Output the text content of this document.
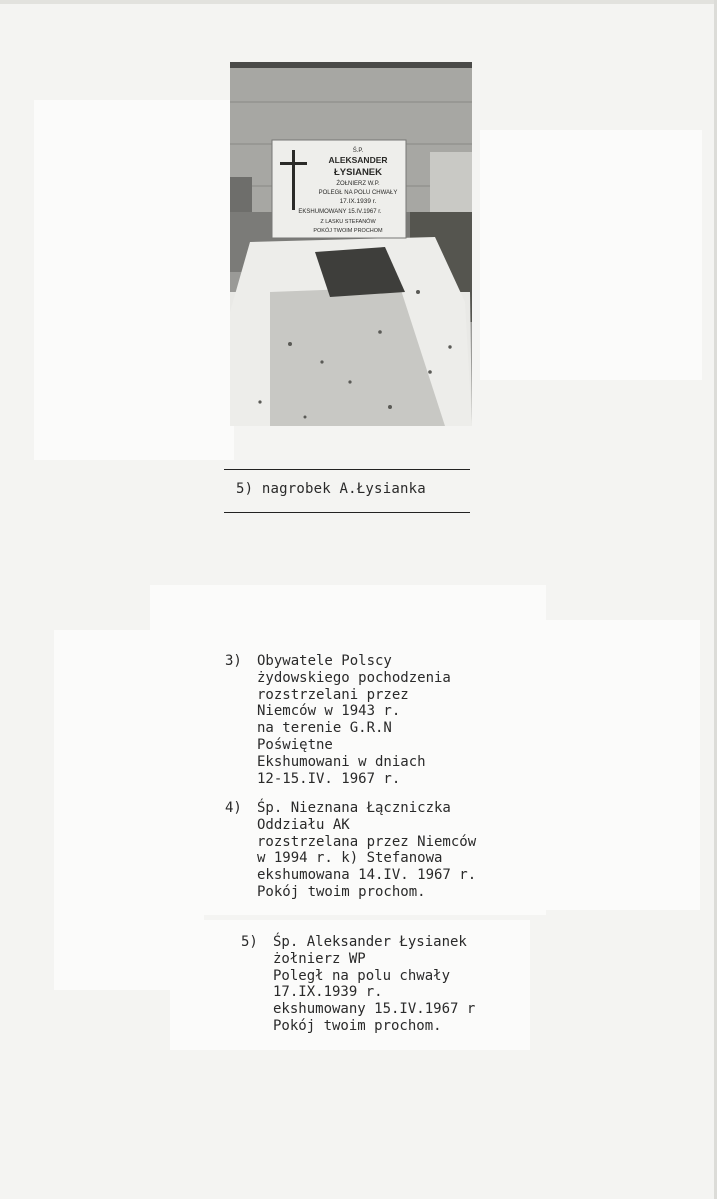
Ś.P.
ALEKSANDER
ŁYSIANEK
ŻOŁNIERZ W.P.
POLEGŁ NA POLU CHWAŁY
17.IX.1939 r.
EKSHUMOWANY 15.IV.1967 r.
Z LASKU STEFANÓW
POKÓJ TWOIM PROCHOM
5) nagrobek A.Łysianka
3) Obywatele Polscy
żydowskiego pochodzenia
rozstrzelani przez
Niemców w 1943 r.
na terenie G.R.N
Poświętne
Ekshumowani w dniach
12-15.IV. 1967 r.
4) Śp. Nieznana Łączniczka
Oddziału AK
rozstrzelana przez Niemców
w 1994 r. k) Stefanowa
ekshumowana 14.IV. 1967 r.
Pokój twoim prochom.
5) Śp. Aleksander Łysianek
żołnierz WP
Poległ na polu chwały
17.IX.1939 r.
ekshumowany 15.IV.1967 r
Pokój twoim prochom.
